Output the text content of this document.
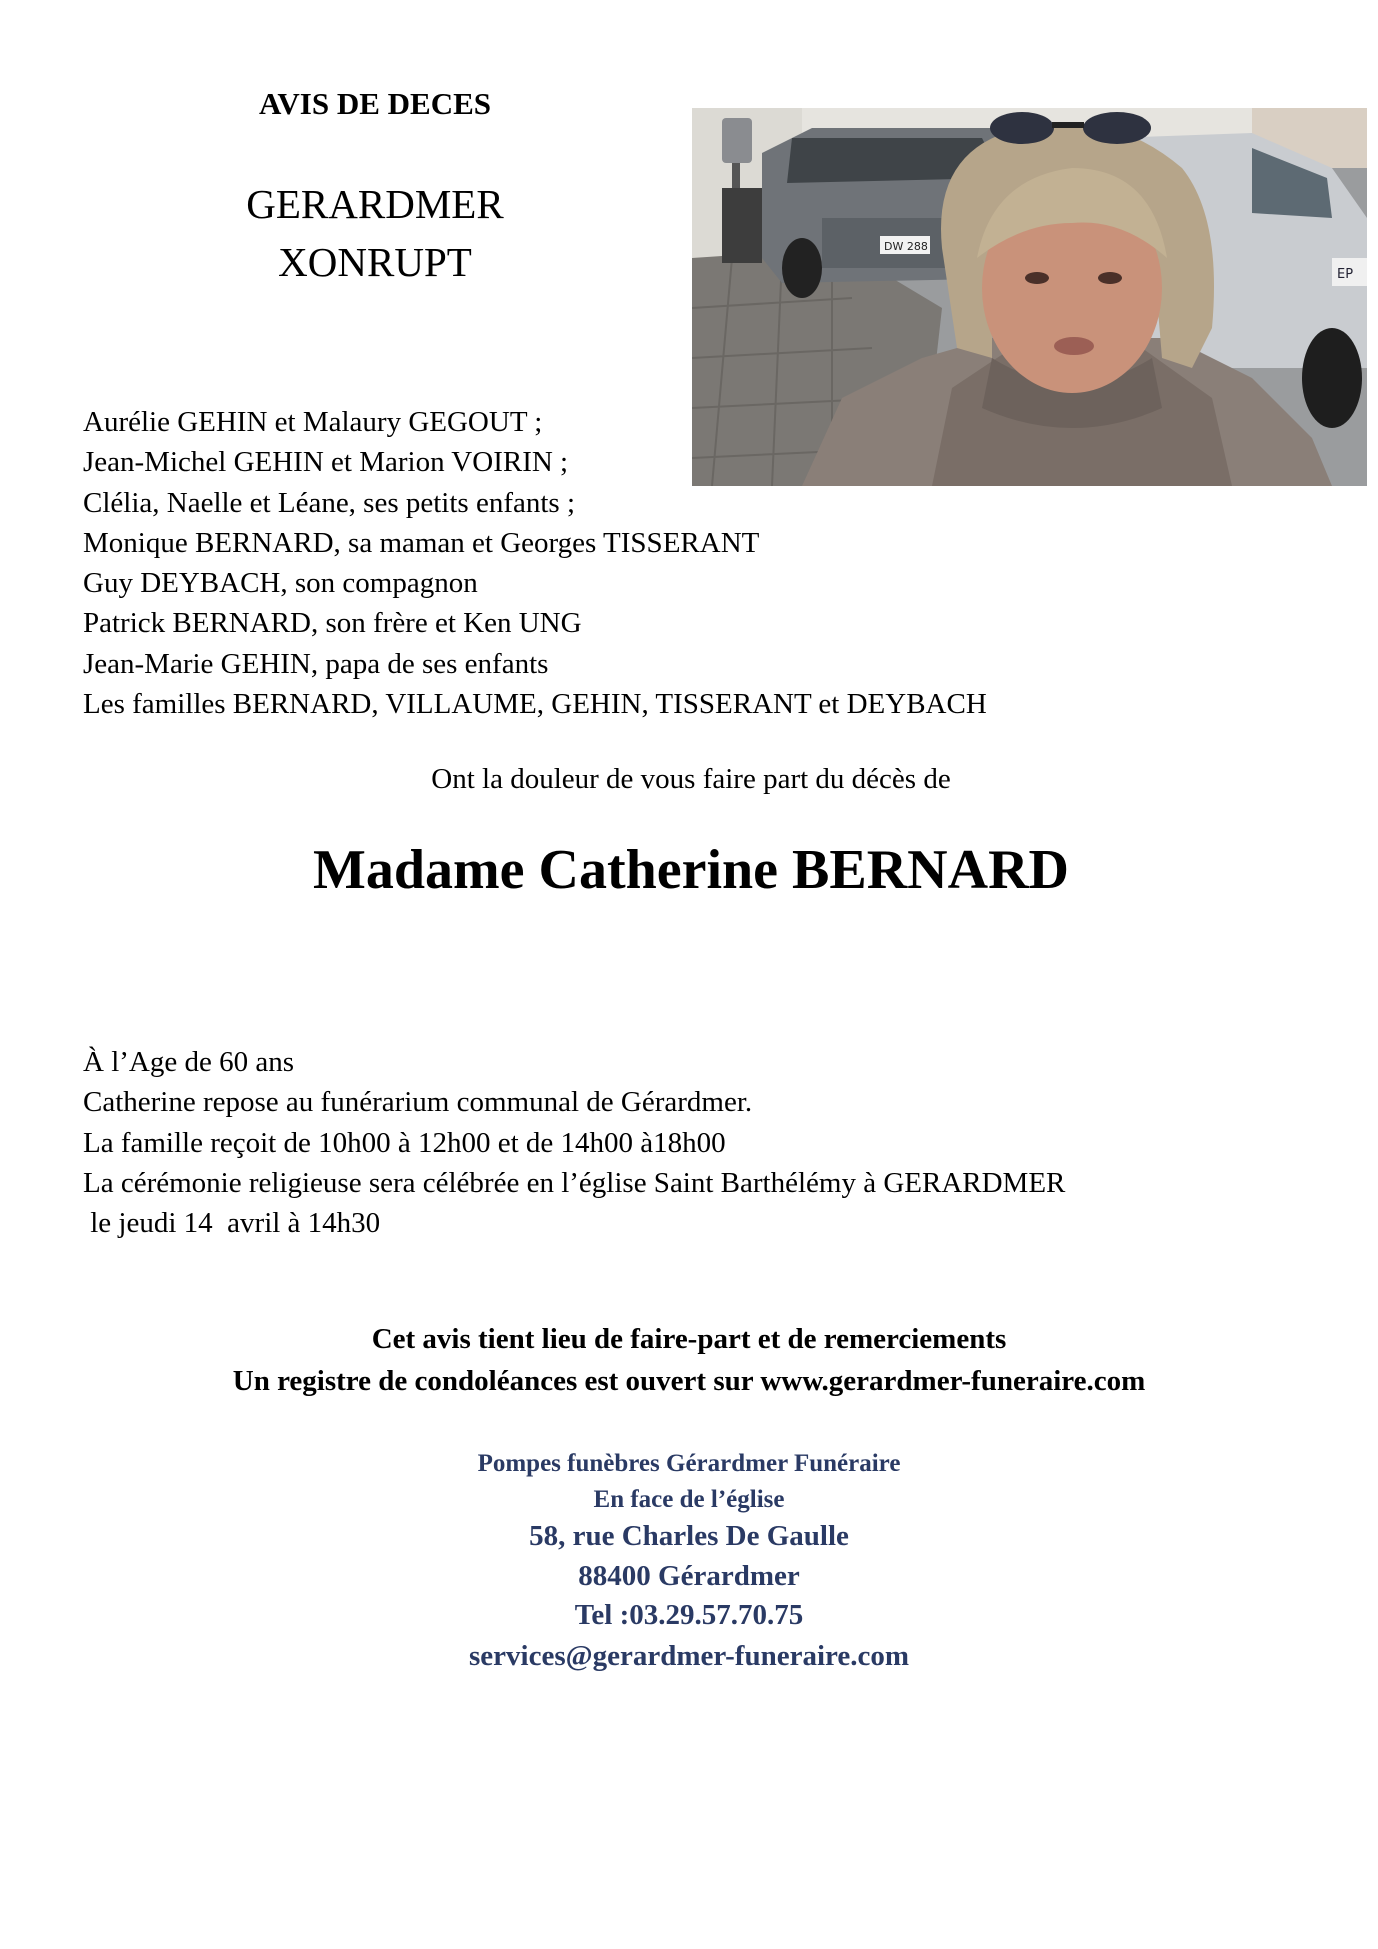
AVIS DE DECES
GERARDMER
XONRUPT	DW 288
EP
Aurélie GEHIN et Malaury GEGOUT ;
Jean-Michel GEHIN et Marion VOIRIN ;
Clélia, Naelle et Léane, ses petits enfants ;
Monique BERNARD, sa maman et Georges TISSERANT
Guy DEYBACH, son compagnon
Patrick BERNARD, son frère et Ken UNG
Jean-Marie GEHIN, papa de ses enfants
Les familles BERNARD, VILLAUME, GEHIN, TISSERANT et DEYBACH
Ont la douleur de vous faire part du décès de
Madame Catherine BERNARD
À l’Age de 60 ans
Catherine repose au funérarium communal de Gérardmer.
La famille reçoit de 10h00 à 12h00 et de 14h00 à18h00
La cérémonie religieuse sera célébrée en l’église Saint Barthélémy à GERARDMER
le jeudi 14  avril à 14h30
Cet avis tient lieu de faire-part et de remerciements
Un registre de condoléances est ouvert sur www.gerardmer-funeraire.com
Pompes funèbres Gérardmer Funéraire
En face de l’église
58, rue Charles De Gaulle
88400 Gérardmer
Tel :03.29.57.70.75
services@gerardmer-funeraire.com
